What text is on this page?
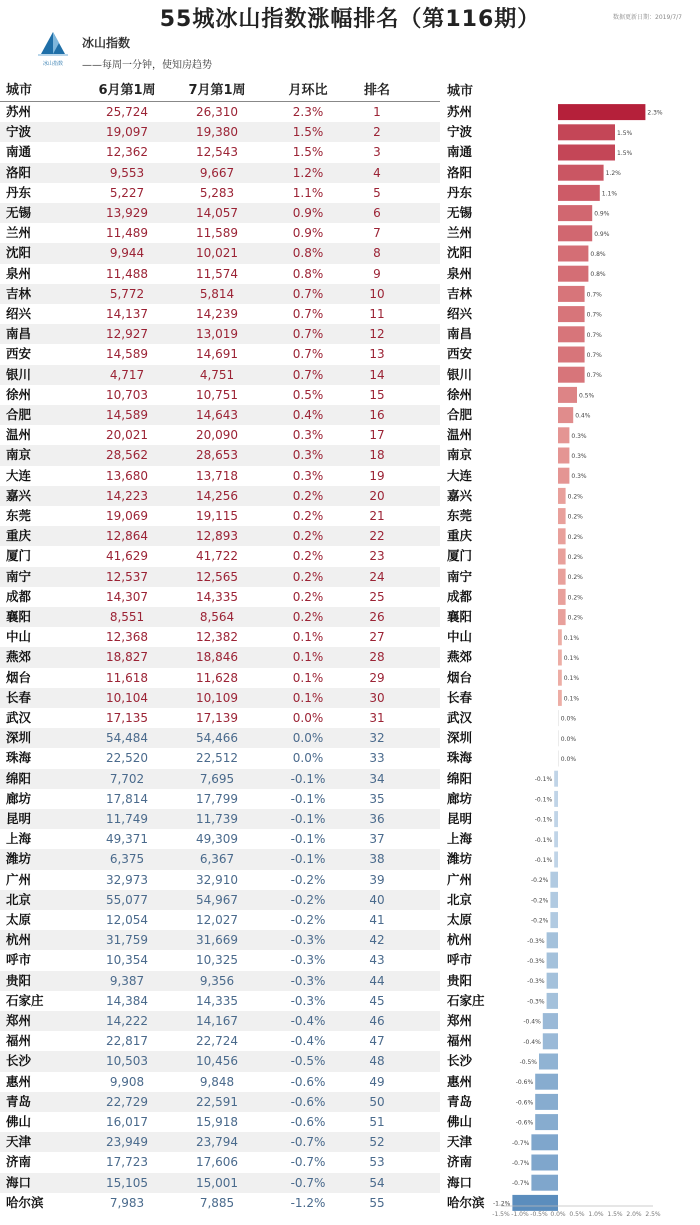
55城冰山指数涨幅排名（第116期）	数据更新日期：2019/7/7
冰山指数
冰山指数
——每周一分钟，使知房趋势
城市	6月第1周	7月第1周	月环比	排名	城市
苏州	25,724	26,310	2.3%	1
宁波	19,097	19,380	1.5%	2
南通	12,362	12,543	1.5%	3
洛阳	9,553	9,667	1.2%	4
丹东	5,227	5,283	1.1%	5
无锡	13,929	14,057	0.9%	6
兰州	11,489	11,589	0.9%	7
沈阳	9,944	10,021	0.8%	8
泉州	11,488	11,574	0.8%	9
吉林	5,772	5,814	0.7%	10
绍兴	14,137	14,239	0.7%	11
南昌	12,927	13,019	0.7%	12
西安	14,589	14,691	0.7%	13
银川	4,717	4,751	0.7%	14
徐州	10,703	10,751	0.5%	15
合肥	14,589	14,643	0.4%	16
温州	20,021	20,090	0.3%	17
南京	28,562	28,653	0.3%	18
大连	13,680	13,718	0.3%	19
嘉兴	14,223	14,256	0.2%	20
东莞	19,069	19,115	0.2%	21
重庆	12,864	12,893	0.2%	22
厦门	41,629	41,722	0.2%	23
南宁	12,537	12,565	0.2%	24
成都	14,307	14,335	0.2%	25
襄阳	8,551	8,564	0.2%	26
中山	12,368	12,382	0.1%	27
燕郊	18,827	18,846	0.1%	28
烟台	11,618	11,628	0.1%	29
长春	10,104	10,109	0.1%	30
武汉	17,135	17,139	0.0%	31
深圳	54,484	54,466	0.0%	32
珠海	22,520	22,512	0.0%	33
绵阳	7,702	7,695	-0.1%	34
廊坊	17,814	17,799	-0.1%	35
昆明	11,749	11,739	-0.1%	36
上海	49,371	49,309	-0.1%	37
潍坊	6,375	6,367	-0.1%	38
广州	32,973	32,910	-0.2%	39
北京	55,077	54,967	-0.2%	40
太原	12,054	12,027	-0.2%	41
杭州	31,759	31,669	-0.3%	42
呼市	10,354	10,325	-0.3%	43
贵阳	9,387	9,356	-0.3%	44
石家庄	14,384	14,335	-0.3%	45
郑州	14,222	14,167	-0.4%	46
福州	22,817	22,724	-0.4%	47
长沙	10,503	10,456	-0.5%	48
惠州	9,908	9,848	-0.6%	49
青岛	22,729	22,591	-0.6%	50
佛山	16,017	15,918	-0.6%	51
天津	23,949	23,794	-0.7%	52
济南	17,723	17,606	-0.7%	53
海口	15,105	15,001	-0.7%	54
哈尔滨	7,983	7,885	-1.2%	55
苏州
宁波
南通
洛阳
丹东
无锡
兰州
沈阳
泉州
吉林
绍兴
南昌
西安
银川
徐州
合肥
温州
南京
大连
嘉兴
东莞
重庆
厦门
南宁
成都
襄阳
中山
燕郊
烟台
长春
武汉
深圳
珠海
绵阳
廊坊
昆明
上海
潍坊
广州
北京
太原
杭州
呼市
贵阳
石家庄
郑州
福州
长沙
惠州
青岛
佛山
天津
济南
海口
哈尔滨
2.3%
1.5%
1.5%
1.2%
1.1%
0.9%
0.9%
0.8%
0.8%
0.7%
0.7%
0.7%
0.7%
0.7%
0.5%
0.4%
0.3%
0.3%
0.3%
0.2%
0.2%
0.2%
0.2%
0.2%
0.2%
0.2%
0.1%
0.1%
0.1%
0.1%
0.0%
0.0%
0.0%
-0.1%
-0.1%
-0.1%
-0.1%
-0.1%
-0.2%
-0.2%
-0.2%
-0.3%
-0.3%
-0.3%
-0.3%
-0.4%
-0.4%
-0.5%
-0.6%
-0.6%
-0.6%
-0.7%
-0.7%
-0.7%
-1.2%
-1.5% -1.0% -0.5% 0.0% 0.5% 1.0% 1.5% 2.0% 2.5%
